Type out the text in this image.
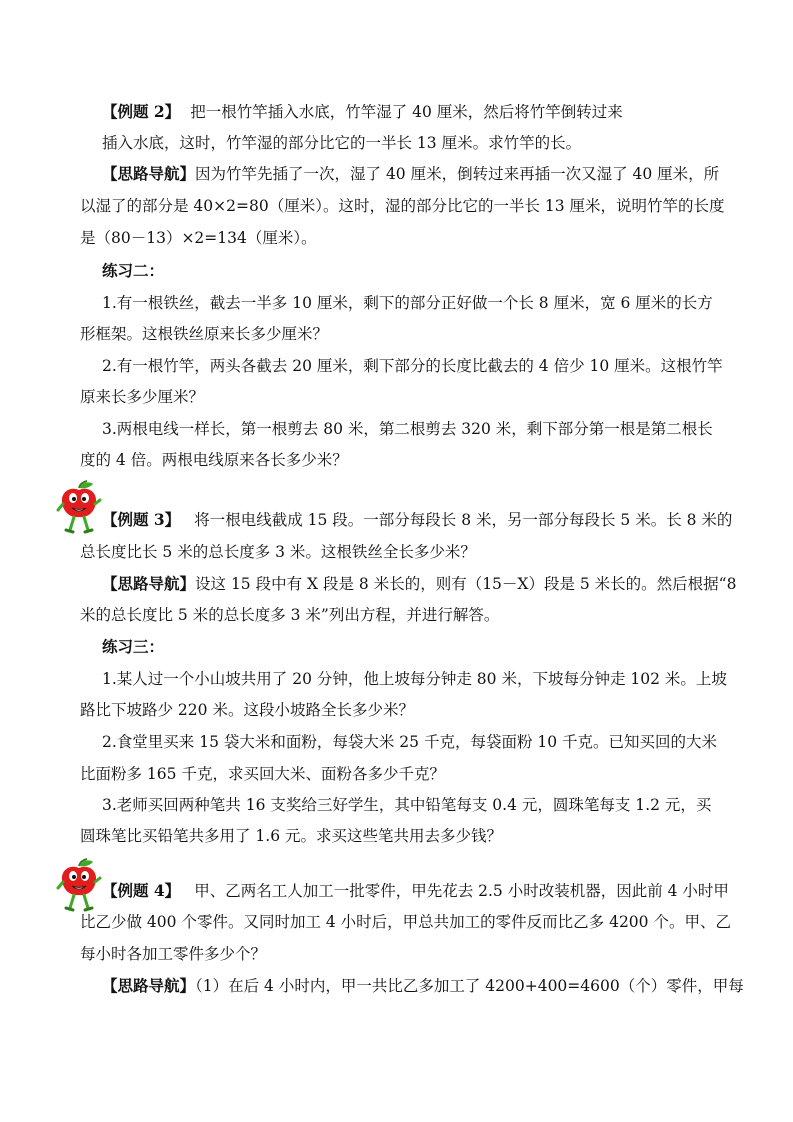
【例题 2】 把一根竹竿插入水底，竹竿湿了 40 厘米，然后将竹竿倒转过来
插入水底，这时，竹竿湿的部分比它的一半长 13 厘米。求竹竿的长。
【思路导航】因为竹竿先插了一次，湿了 40 厘米，倒转过来再插一次又湿了 40 厘米，所
以湿了的部分是 40×2=80（厘米）。这时，湿的部分比它的一半长 13 厘米，说明竹竿的长度
是（80－13）×2=134（厘米）。
练习二：
1.有一根铁丝，截去一半多 10 厘米，剩下的部分正好做一个长 8 厘米，宽 6 厘米的长方
形框架。这根铁丝原来长多少厘米？
2.有一根竹竿，两头各截去 20 厘米，剩下部分的长度比截去的 4 倍少 10 厘米。这根竹竿
原来长多少厘米？
3.两根电线一样长，第一根剪去 80 米，第二根剪去 320 米，剩下部分第一根是第二根长
度的 4 倍。两根电线原来各长多少米？
【例题 3】 将一根电线截成 15 段。一部分每段长 8 米，另一部分每段长 5 米。长 8 米的
总长度比长 5 米的总长度多 3 米。这根铁丝全长多少米？
【思路导航】设这 15 段中有 X 段是 8 米长的，则有（15－X）段是 5 米长的。然后根据“8
米的总长度比 5 米的总长度多 3 米”列出方程，并进行解答。
练习三：
1.某人过一个小山坡共用了 20 分钟，他上坡每分钟走 80 米，下坡每分钟走 102 米。上坡
路比下坡路少 220 米。这段小坡路全长多少米？
2.食堂里买来 15 袋大米和面粉，每袋大米 25 千克，每袋面粉 10 千克。已知买回的大米
比面粉多 165 千克，求买回大米、面粉各多少千克？
3.老师买回两种笔共 16 支奖给三好学生，其中铅笔每支 0.4 元，圆珠笔每支 1.2 元，买
圆珠笔比买铅笔共多用了 1.6 元。求买这些笔共用去多少钱？
【例题 4】 甲、乙两名工人加工一批零件，甲先花去 2.5 小时改装机器，因此前 4 小时甲
比乙少做 400 个零件。又同时加工 4 小时后，甲总共加工的零件反而比乙多 4200 个。甲、乙
每小时各加工零件多少个？
【思路导航】（1）在后 4 小时内，甲一共比乙多加工了 4200+400=4600（个）零件，甲每
